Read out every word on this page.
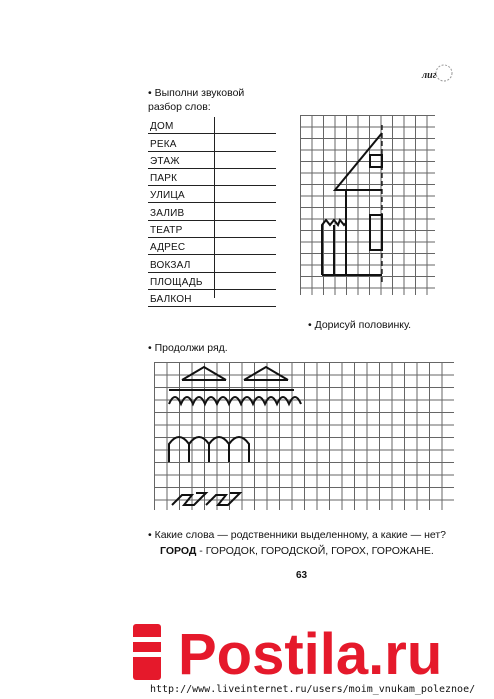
лиг
• Выполни звуковой
разбор слов:
ДОМ
РЕКА
ЭТАЖ
ПАРК
УЛИЦА
ЗАЛИВ
ТЕАТР
АДРЕС
ВОКЗАЛ
ПЛОЩАДЬ
БАЛКОН
• Дорисуй половинку.
• Продолжи ряд.
• Какие слова — родственники выделенному, а какие — нет?
ГОРОД - ГОРОДОК, ГОРОДСКОЙ, ГОРОХ, ГОРОЖАНЕ.
63
Postila.ru
http://www.liveinternet.ru/users/moim_vnukam_poleznoe/
